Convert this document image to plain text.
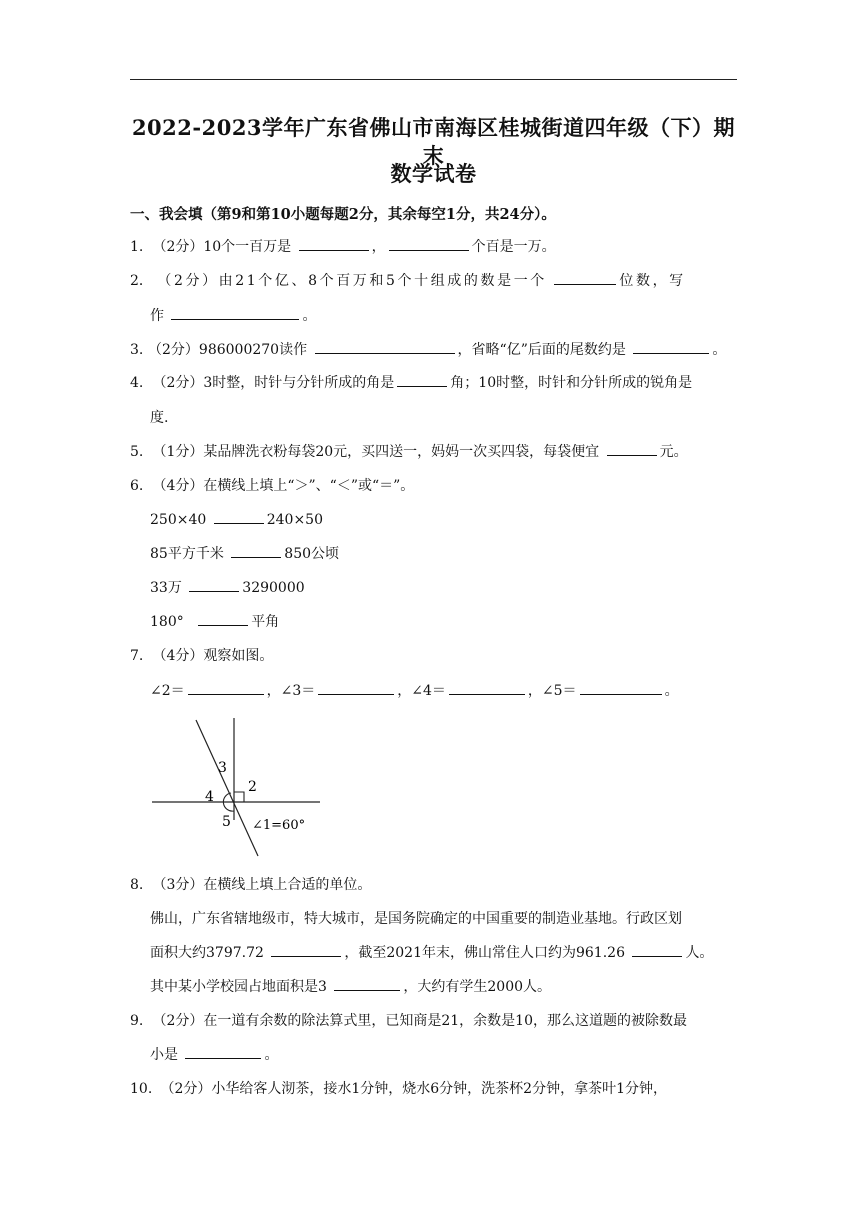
2022-2023学年广东省佛山市南海区桂城街道四年级（下）期末
数学试卷
一、我会填（第9和第10小题每题2分，其余每空1分，共24分）。
1. （2分）10个一百万是	，	个百是一万。
2． （2分）由21个亿、8个百万和5个十组成的数是一个	位数，写
作	。
3. （2分）986000270读作	，省略“亿”后面的尾数约是	。
4. （2分）3时整，时针与分针所成的角是	角；10时整，时针和分针所成的锐角是
度.
5. （1分）某品牌洗衣粉每袋20元，买四送一，妈妈一次买四袋，每袋便宜	元。
6. （4分）在横线上填上“＞”、“＜”或“＝”。
250×40	240×50
85平方千米	850公顷
33万	3290000
180°	平角
7. （4分）观察如图。
∠2＝	，∠3＝	，∠4＝	，∠5＝	。
3
2
4
5 ∠1=60°
8. （3分）在横线上填上合适的单位。
佛山，广东省辖地级市，特大城市，是国务院确定的中国重要的制造业基地。行政区划
面积大约3797.72	，截至2021年末，佛山常住人口约为961.26	人。
其中某小学校园占地面积是3	，大约有学生2000人。
9. （2分）在一道有余数的除法算式里，已知商是21，余数是10，那么这道题的被除数最
小是	。
10. （2分）小华给客人沏茶，接水1分钟，烧水6分钟，洗茶杯2分钟，拿茶叶1分钟，
